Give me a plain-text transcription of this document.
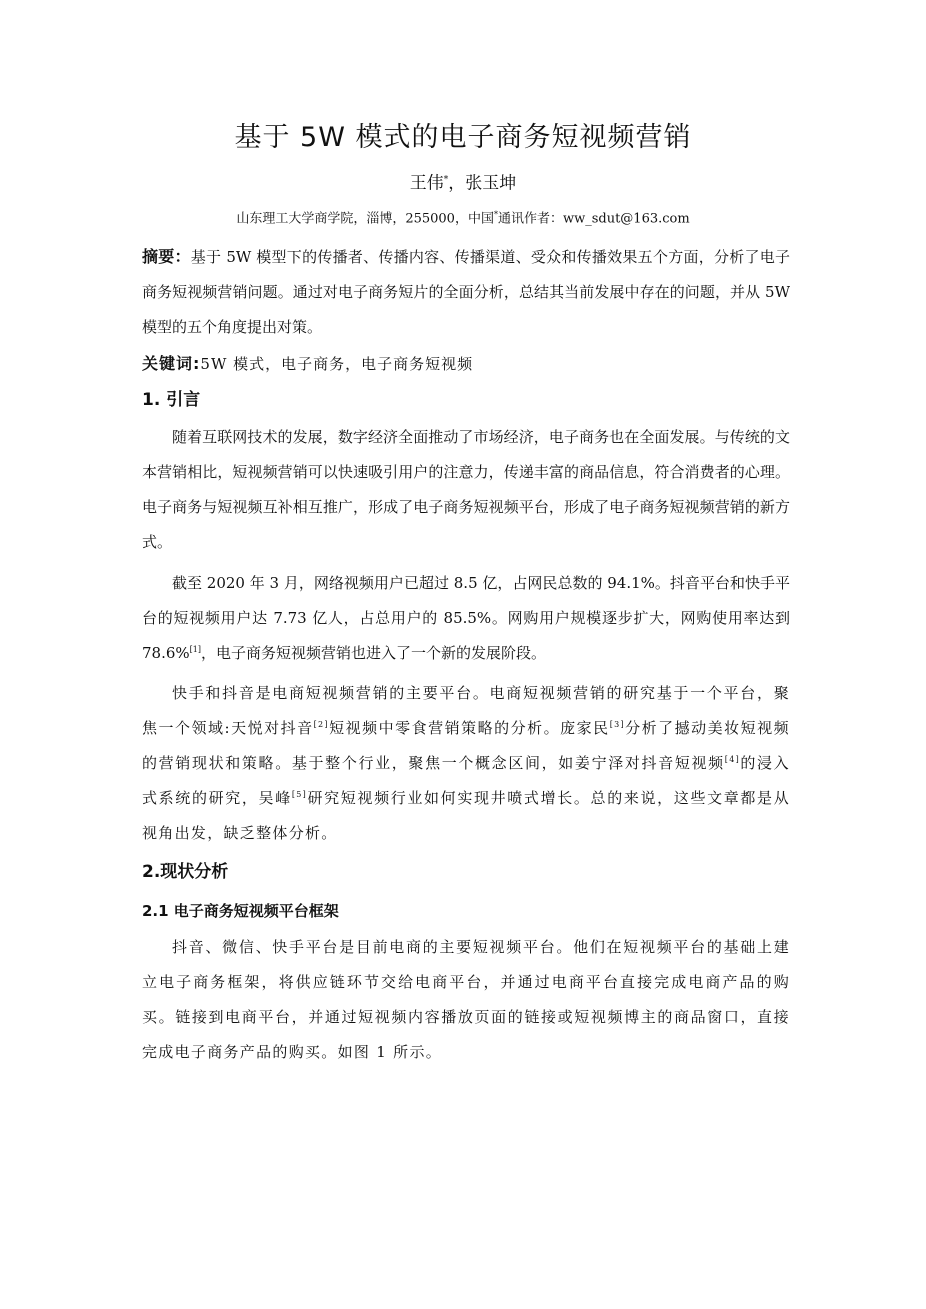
基于 5W 模式的电子商务短视频营销
王伟*，张玉坤
山东理工大学商学院，淄博，255000，中国*通讯作者：ww_sdut@163.com
摘要：基于 5W 模型下的传播者、传播内容、传播渠道、受众和传播效果五个方面，分析了电子商务短视频营销问题。通过对电子商务短片的全面分析，总结其当前发展中存在的问题，并从 5W 模型的五个角度提出对策。
关键词:5W 模式，电子商务，电子商务短视频
1. 引言

随着互联网技术的发展，数字经济全面推动了市场经济，电子商务也在全面发展。与传统的文本营销相比，短视频营销可以快速吸引用户的注意力，传递丰富的商品信息，符合消费者的心理。电子商务与短视频互补相互推广，形成了电子商务短视频平台，形成了电子商务短视频营销的新方式。

截至 2020 年 3 月，网络视频用户已超过 8.5 亿，占网民总数的 94.1%。抖音平台和快手平台的短视频用户达 7.73 亿人，占总用户的 85.5%。网购用户规模逐步扩大，网购使用率达到 78.6%[1]，电子商务短视频营销也进入了一个新的发展阶段。

快手和抖音是电商短视频营销的主要平台。电商短视频营销的研究基于一个平台，聚焦一个领域:天悦对抖音[2]短视频中零食营销策略的分析。庞家民[3]分析了撼动美妆短视频的营销现状和策略。基于整个行业，聚焦一个概念区间，如姜宁泽对抖音短视频[4]的浸入式系统的研究，吴峰[5]研究短视频行业如何实现井喷式增长。总的来说，这些文章都是从视角出发，缺乏整体分析。

2.现状分析
2.1 电子商务短视频平台框架

抖音、微信、快手平台是目前电商的主要短视频平台。他们在短视频平台的基础上建立电子商务框架，将供应链环节交给电商平台，并通过电商平台直接完成电商产品的购买。链接到电商平台，并通过短视频内容播放页面的链接或短视频博主的商品窗口，直接完成电子商务产品的购买。如图 1 所示。
